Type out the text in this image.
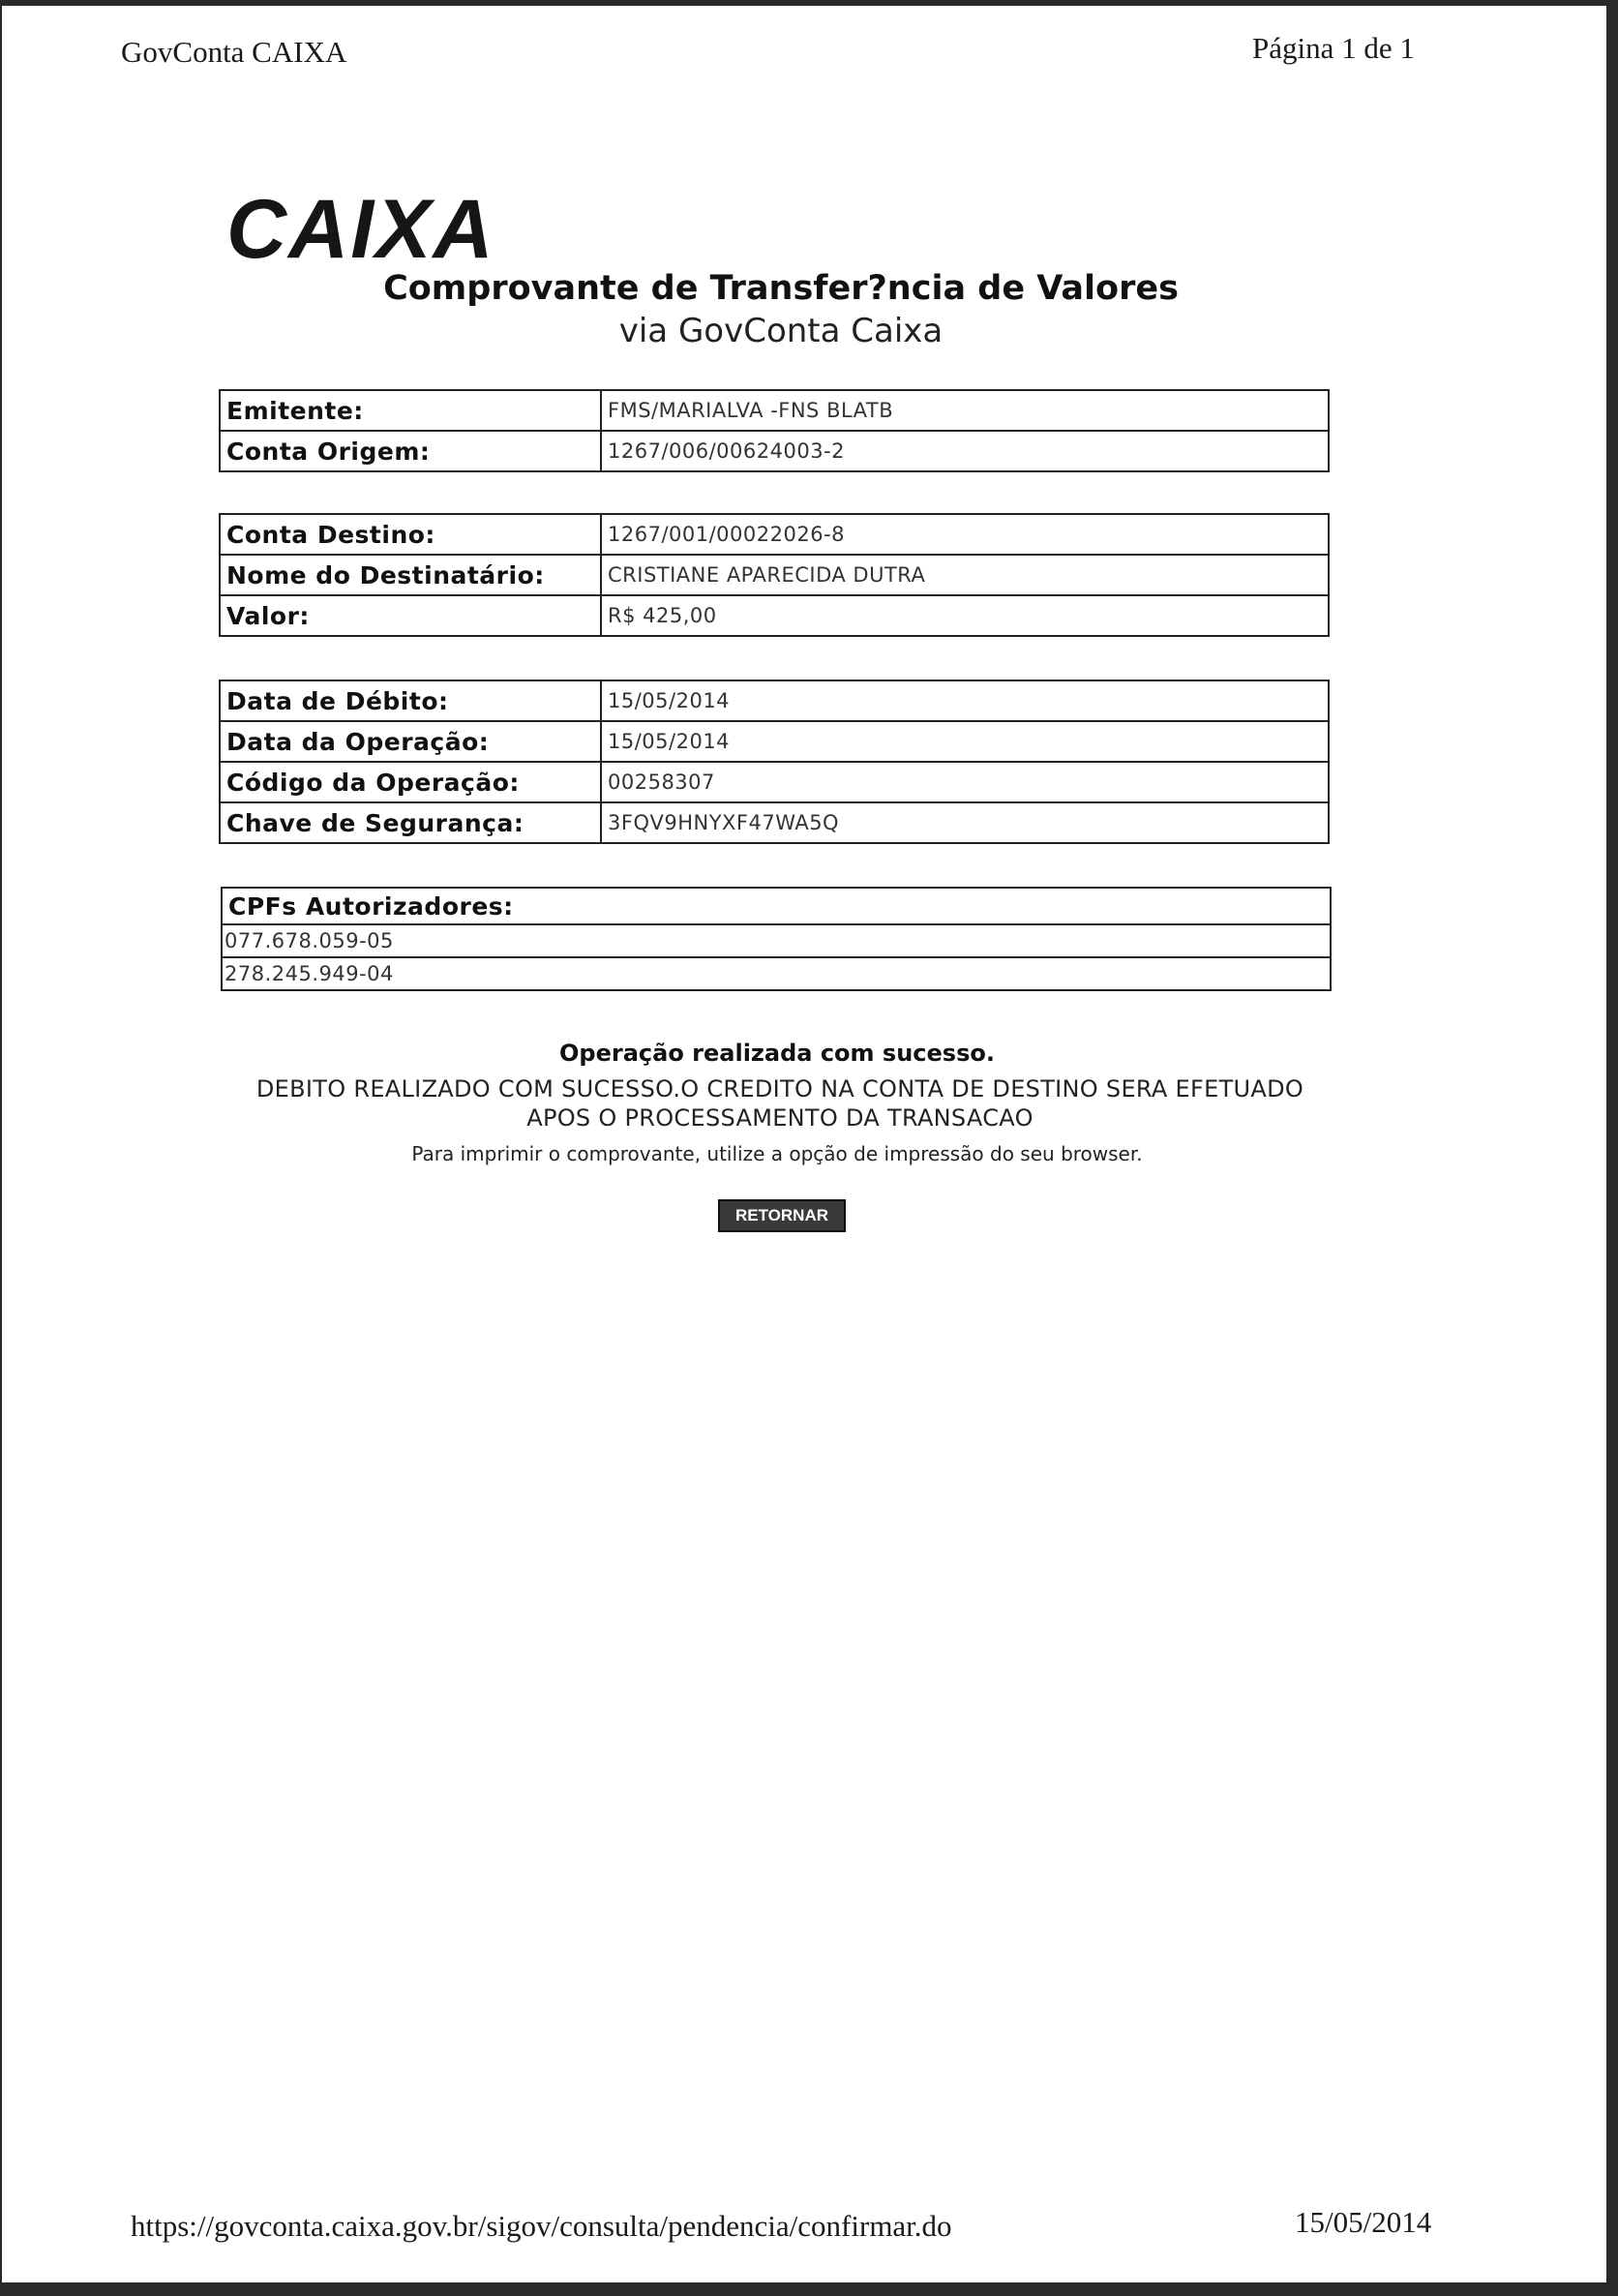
GovConta CAIXA	Página 1 de 1
CAIXA
Comprovante de Transfer?ncia de Valores
via GovConta Caixa
Emitente:	FMS/MARIALVA -FNS BLATB
Conta Origem:	1267/006/00624003-2
Conta Destino:	1267/001/00022026-8
Nome do Destinatário:	CRISTIANE APARECIDA DUTRA
Valor:	R$ 425,00
Data de Débito:	15/05/2014
Data da Operação:	15/05/2014
Código da Operação:	00258307
Chave de Segurança:	3FQV9HNYXF47WA5Q
CPFs Autorizadores:
077.678.059-05
278.245.949-04
Operação realizada com sucesso.
DEBITO REALIZADO COM SUCESSO.O CREDITO NA CONTA DE DESTINO SERA EFETUADO APOS O PROCESSAMENTO DA TRANSACAO
Para imprimir o comprovante, utilize a opção de impressão do seu browser.
RETORNAR
https://govconta.caixa.gov.br/sigov/consulta/pendencia/confirmar.do	15/05/2014
